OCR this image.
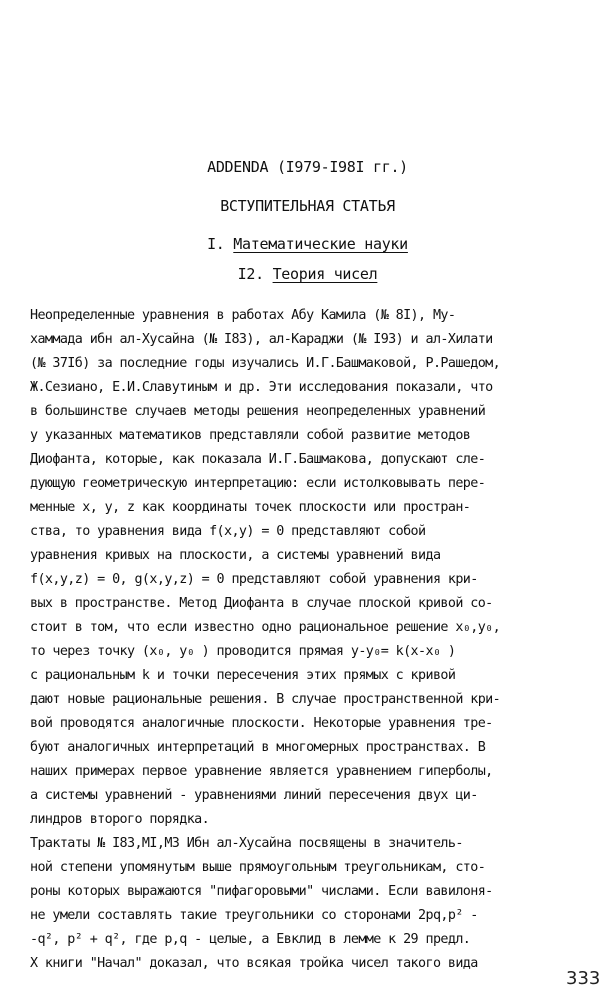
ADDENDA (I979-I98I гг.)
ВСТУПИТЕЛЬНАЯ СТАТЬЯ
I. Математические науки
I2. Теория чисел
Неопределенные уравнения в работах Абу Камила (№ 8I), Му-
хаммада ибн ал-Хусайна (№ I83), ал-Караджи (№ I93) и ал-Хилати
(№ 37Iб) за последние годы изучались И.Г.Башмаковой, Р.Рашедом,
Ж.Сезиано, Е.И.Славутиным и др. Эти исследования показали, что
в большинстве случаев методы решения неопределенных уравнений
у указанных математиков представляли собой развитие методов
Диофанта, которые, как показала И.Г.Башмакова, допускают сле-
дующую геометрическую интерпретацию: если истолковывать пере-
менные x, y, z как координаты точек плоскости или простран-
ства, то уравнения вида f(x,y) = 0 представляют собой
уравнения кривых на плоскости, а системы уравнений вида
f(x,y,z) = 0, g(x,y,z) = 0 представляют собой уравнения кри-
вых в пространстве. Метод Диофанта в случае плоской кривой со-
стоит в том, что если известно одно рациональное решение x₀,y₀,
то через точку (x₀, y₀ ) проводится прямая y-y₀= k(x-x₀ )
с рациональным k и точки пересечения этих прямых с кривой
дают новые рациональные решения. В случае пространственной кри-
вой проводятся аналогичные плоскости. Некоторые уравнения тре-
буют аналогичных интерпретаций в многомерных пространствах. В
наших примерах первое уравнение является уравнением гиперболы,
а системы уравнений - уравнениями линий пересечения двух ци-
линдров второго порядка.
Трактаты № I83,MI,M3 Ибн ал-Хусайна посвящены в значитель-
ной степени упомянутым выше прямоугольным треугольникам, сто-
роны которых выражаются "пифагоровыми" числами. Если вавилоня-
не умели составлять такие треугольники со сторонами 2pq,p² -
-q², p² + q², где p,q - целые, а Евклид в лемме к 29 предл.
X книги "Начал" доказал, что всякая тройка чисел такого вида
333
